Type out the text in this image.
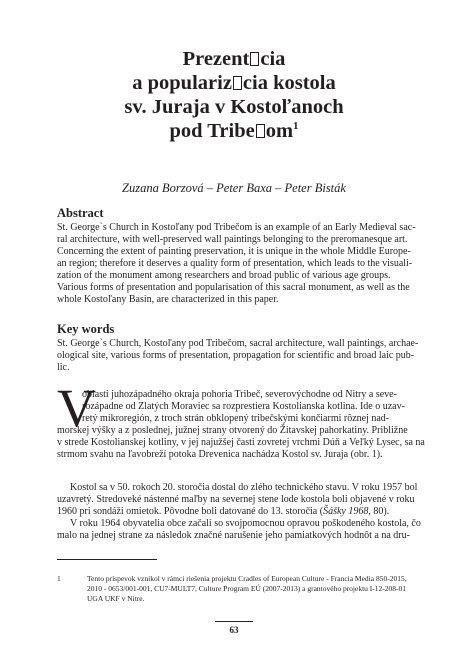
Prezent cia
a populariz cia kostola
sv. Juraja v Kostoľanoch
pod Tribe $om^1$
Zuzana Borzová – Peter Baxa – Peter Bisták
Abstract
St. George`s Church in Kostoľany pod Tribečom is an example of an Early Medieval sac-
ral architecture, with well-preserved wall paintings belonging to the preromanesque art.
Concerning the extent of painting preservation, it is unique in the whole Middle Europe-
an region; therefore it deserves a quality form of presentation, which leads to the visuali-
zation of the monument among researchers and broad public of various age groups.
Various forms of presentation and popularisation of this sacral monument, as well as the
whole Kostoľany Basin, are characterized in this paper.
Key words
St. George`s Church, Kostoľany pod Tribečom, sacral architecture, wall paintings, archae-
ological site, various forms of presentation, propagation for scientific and broad laic pub-
lic.
V
oblasti juhozápadného okraja pohoria Tribeč, severovýchodne od Nitry a seve-
rozápadne od Zlatých Moraviec sa rozprestiera Kostolianska kotlina. Ide o uzav-
retý mikroregión, z troch strán obklopený tribečskými končiarmi rôznej nad-
morskej výšky a z poslednej, južnej strany otvorený do Žitavskej pahorkatiny. Približne
v strede Kostolianskej kotliny, v jej najužšej časti zovretej vrchmi Dúň a Veľký Lysec, sa na
strmom svahu na ľavobreží potoka Drevenica nachádza Kostol sv. Juraja (obr. 1).
Kostol sa v 50. rokoch 20. storočia dostal do zlého technického stavu. V roku 1957 bol
uzavretý. Stredoveké nástenné maľby na severnej stene lode kostola boli objavené v roku
1960 pri sondáži omietok. Pôvodne boli datované do 13. storočia (Šášky 1968, 80).
V roku 1964 obyvatelia obce začali so svojpomocnou opravou poškodeného kostola, čo
malo na jednej strane za následok značné narušenie jeho pamiatkových hodnôt a na dru-
1	Tento príspevok vznikol v rámci riešenia projektu Cradles of European Culture - Francia Media 850-2015,
2010 - 0653/001-001, CU7-MULT7, Culture Program EÚ (2007-2013) a grantového projektu I-12-208-01
UGA UKF v Nitre.
63
